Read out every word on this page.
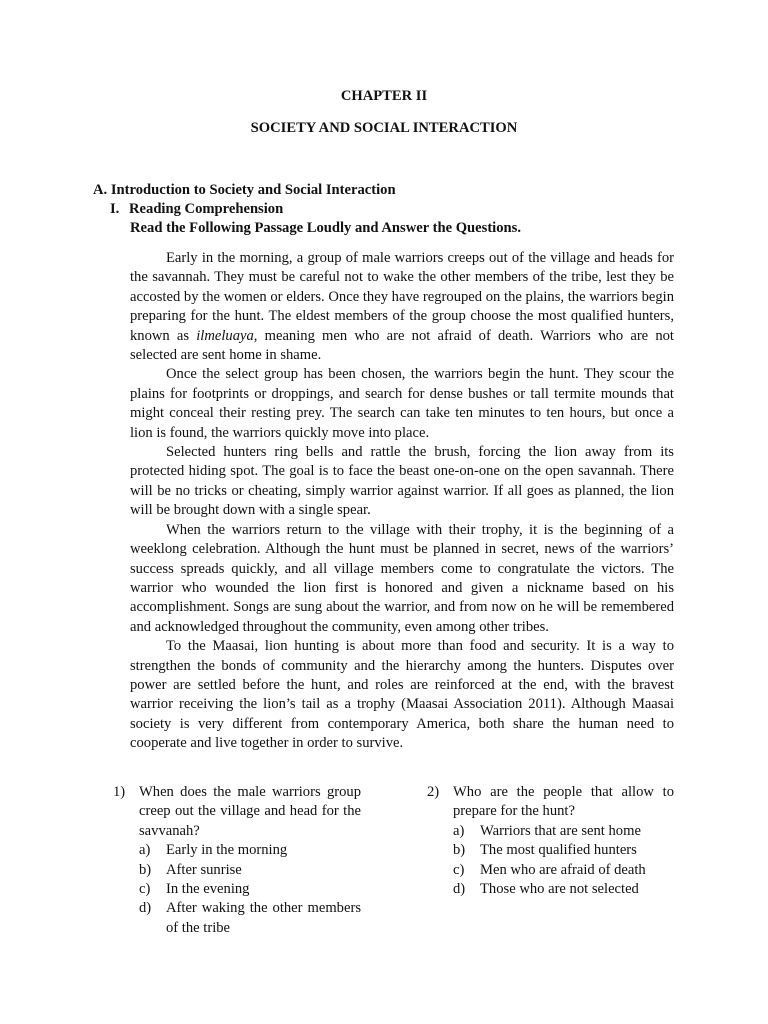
CHAPTER II
SOCIETY AND SOCIAL INTERACTION
A. Introduction to Society and Social Interaction
I. Reading Comprehension
Read the Following Passage Loudly and Answer the Questions.

Early in the morning, a group of male warriors creeps out of the village and heads for the savannah. They must be careful not to wake the other members of the tribe, lest they be accosted by the women or elders. Once they have regrouped on the plains, the warriors begin preparing for the hunt. The eldest members of the group choose the most qualified hunters, known as ilmeluaya, meaning men who are not afraid of death. Warriors who are not selected are sent home in shame.

Once the select group has been chosen, the warriors begin the hunt. They scour the plains for footprints or droppings, and search for dense bushes or tall termite mounds that might conceal their resting prey. The search can take ten minutes to ten hours, but once a lion is found, the warriors quickly move into place.

Selected hunters ring bells and rattle the brush, forcing the lion away from its protected hiding spot. The goal is to face the beast one-on-one on the open savannah. There will be no tricks or cheating, simply warrior against warrior. If all goes as planned, the lion will be brought down with a single spear.

When the warriors return to the village with their trophy, it is the beginning of a weeklong celebration. Although the hunt must be planned in secret, news of the warriors’ success spreads quickly, and all village members come to congratulate the victors. The warrior who wounded the lion first is honored and given a nickname based on his accomplishment. Songs are sung about the warrior, and from now on he will be remembered and acknowledged throughout the community, even among other tribes.

To the Maasai, lion hunting is about more than food and security. It is a way to strengthen the bonds of community and the hierarchy among the hunters. Disputes over power are settled before the hunt, and roles are reinforced at the end, with the bravest warrior receiving the lion’s tail as a trophy (Maasai Association 2011). Although Maasai society is very different from contemporary America, both share the human need to cooperate and live together in order to survive.

1) When does the male warriors group creep out the village and head for the savvanah?
a)	Early in the morning
b)	After sunrise
c)	In the evening
d)	After waking the other members of the tribe
2) Who are the people that allow to prepare for the hunt?
a)	Warriors that are sent home
b)	The most qualified hunters
c)	Men who are afraid of death
d)	Those who are not selected
